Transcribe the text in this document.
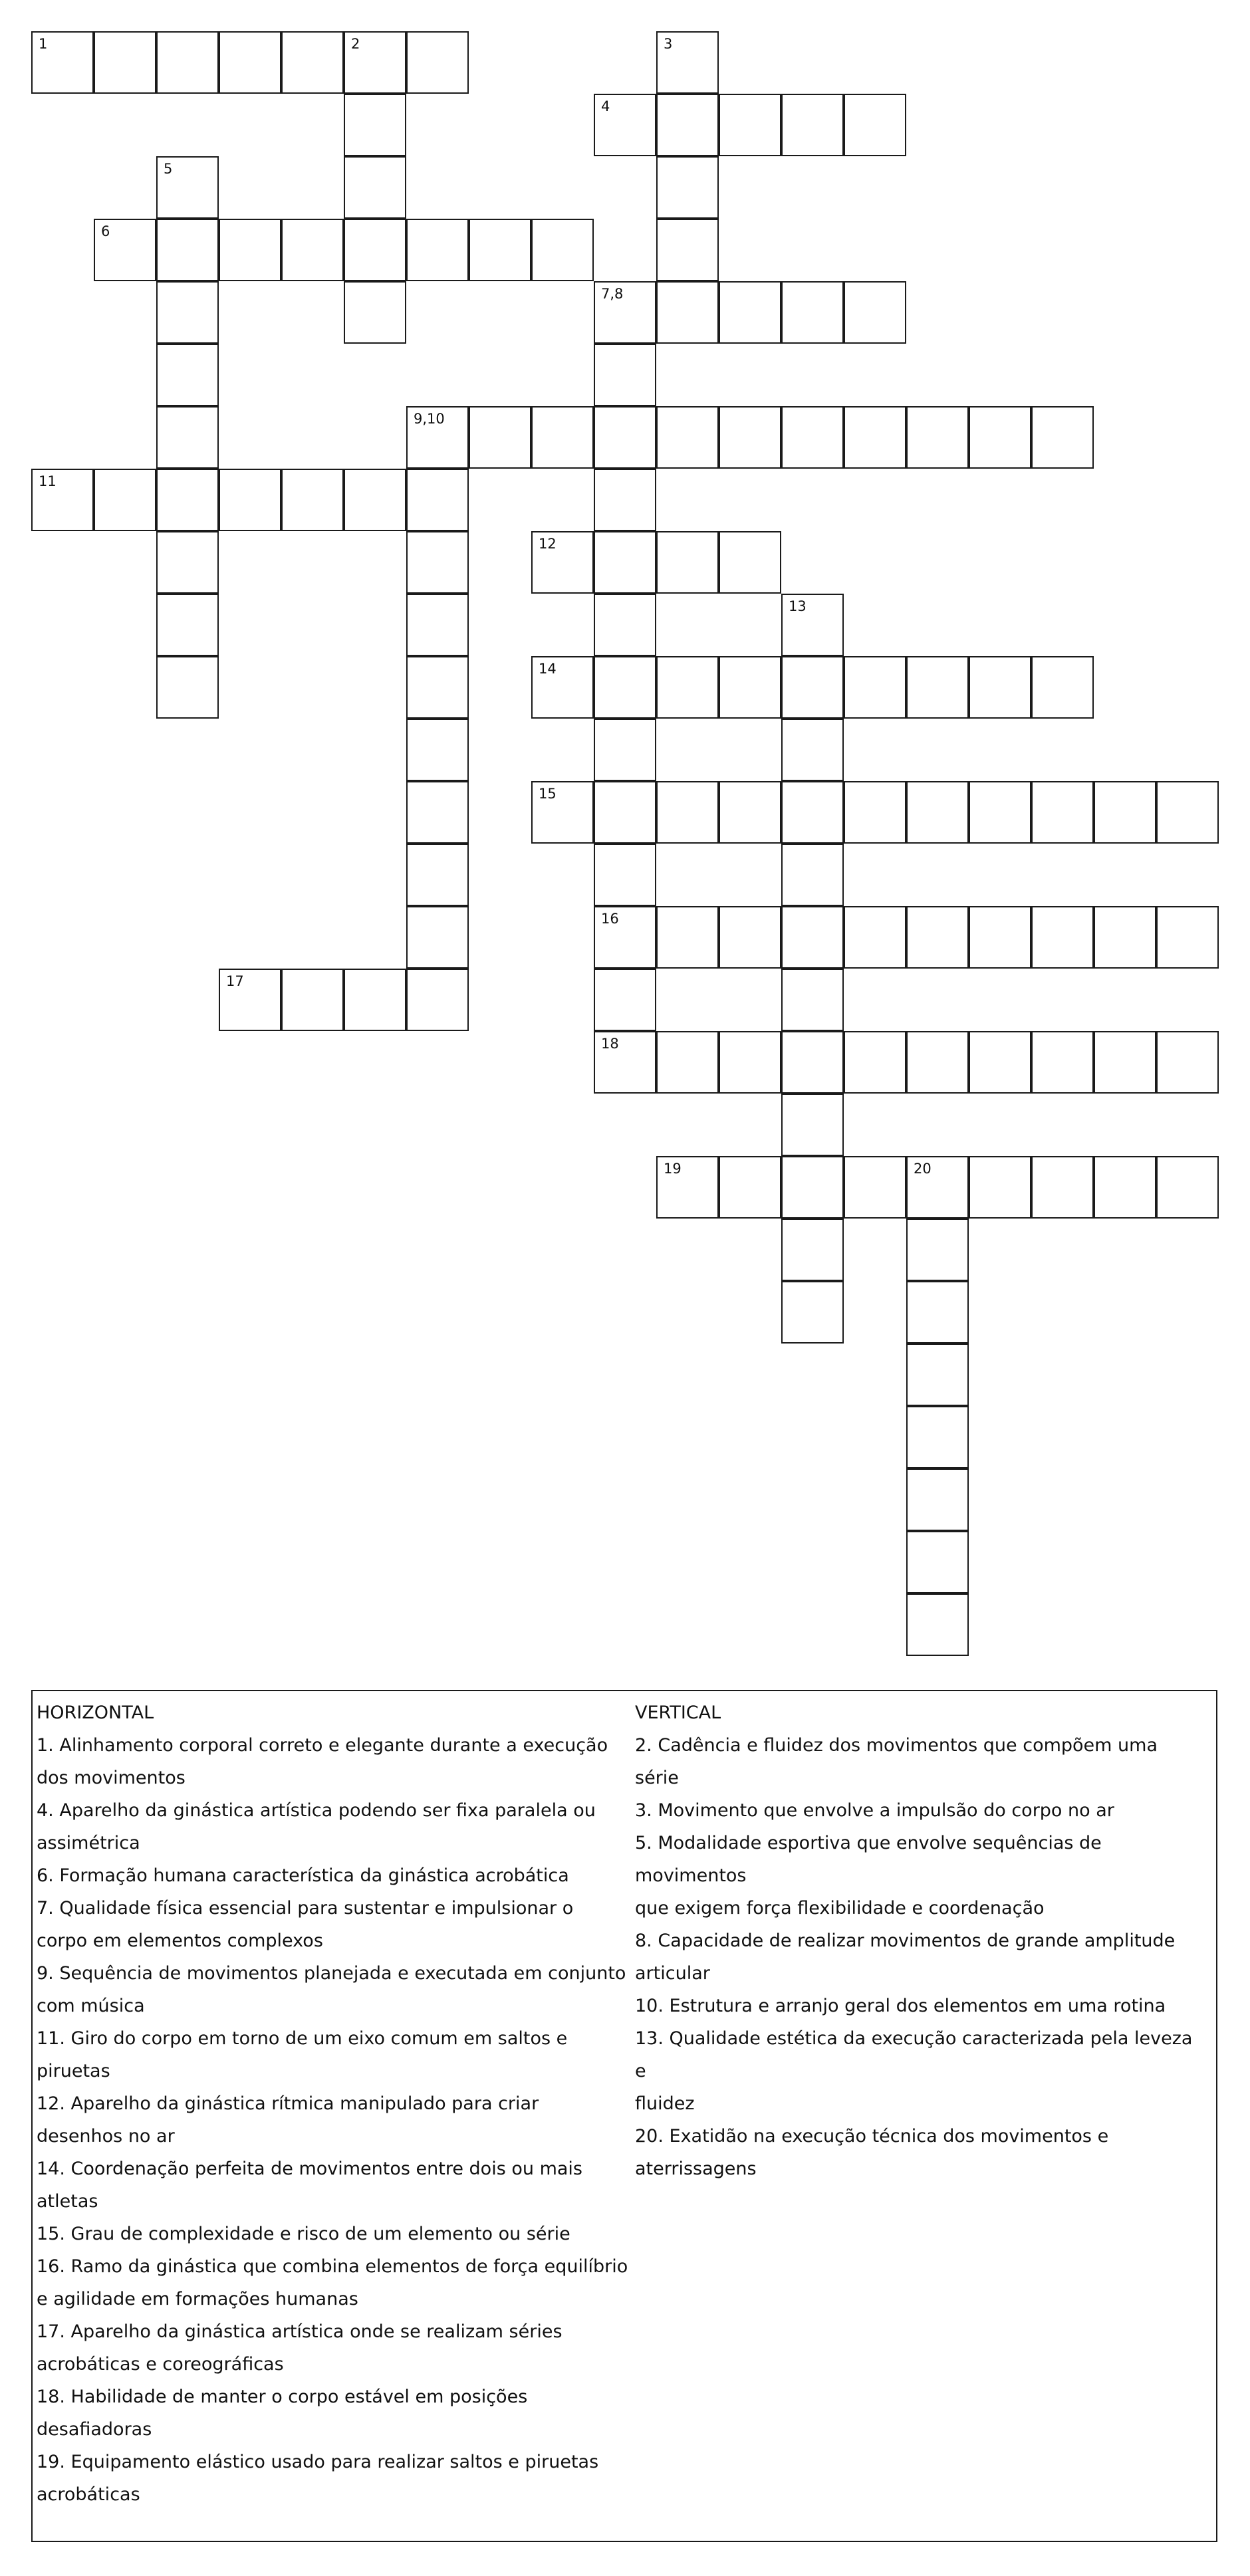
1	2	3
4
5
6
7,8
9,10
11
12
13
14
15
16
17
18
19	20
HORIZONTAL
1. Alinhamento corporal correto e elegante durante a execução
dos movimentos
4. Aparelho da ginástica artística podendo ser fixa paralela ou
assimétrica
6. Formação humana característica da ginástica acrobática
7. Qualidade física essencial para sustentar e impulsionar o
corpo em elementos complexos
9. Sequência de movimentos planejada e executada em conjunto
com música
11. Giro do corpo em torno de um eixo comum em saltos e
piruetas
12. Aparelho da ginástica rítmica manipulado para criar
desenhos no ar
14. Coordenação perfeita de movimentos entre dois ou mais
atletas
15. Grau de complexidade e risco de um elemento ou série
16. Ramo da ginástica que combina elementos de força equilíbrio
e agilidade em formações humanas
17. Aparelho da ginástica artística onde se realizam séries
acrobáticas e coreográficas
18. Habilidade de manter o corpo estável em posições
desafiadoras
19. Equipamento elástico usado para realizar saltos e piruetas
acrobáticas
VERTICAL
2. Cadência e fluidez dos movimentos que compõem uma série
3. Movimento que envolve a impulsão do corpo no ar
5. Modalidade esportiva que envolve sequências de movimentos
que exigem força flexibilidade e coordenação
8. Capacidade de realizar movimentos de grande amplitude
articular
10. Estrutura e arranjo geral dos elementos em uma rotina
13. Qualidade estética da execução caracterizada pela leveza e
fluidez
20. Exatidão na execução técnica dos movimentos e
aterrissagens
